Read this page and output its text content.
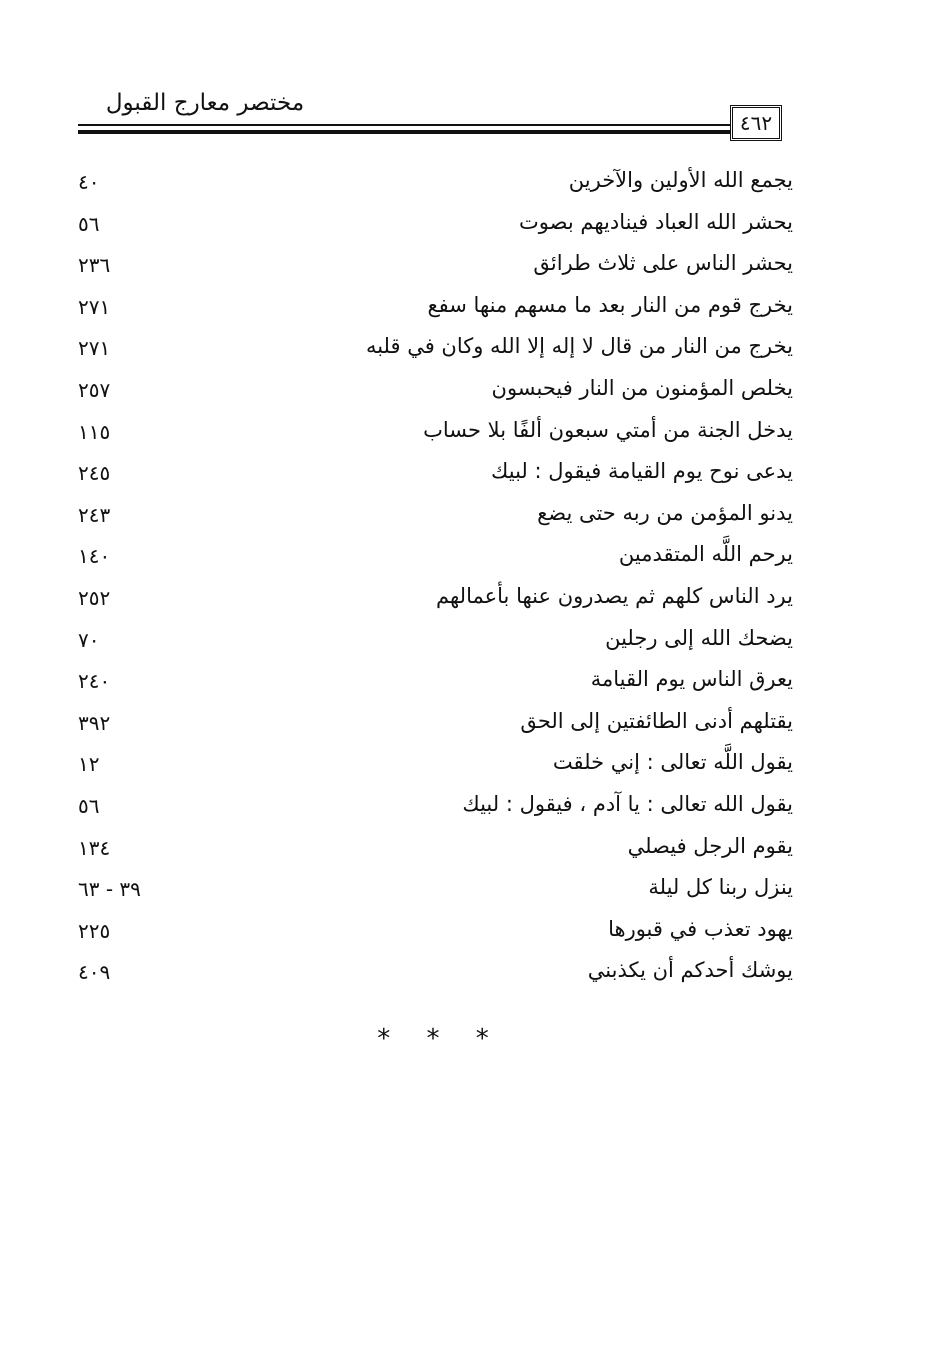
مختصر معارج القبول
٤٦٢
يجمع الله الأولين والآخرين
٤٠
يحشر الله العباد فيناديهم بصوت
٥٦
يحشر الناس على ثلاث طرائق
٢٣٦
يخرج قوم من النار بعد ما مسهم منها سفع
٢٧١
يخرج من النار من قال لا إله إلا الله وكان في قلبه
٢٧١
يخلص المؤمنون من النار فيحبسون
٢٥٧
يدخل الجنة من أمتي سبعون ألفًا بلا حساب
١١٥
يدعى نوح يوم القيامة فيقول : لبيك
٢٤٥
يدنو المؤمن من ربه حتى يضع
٢٤٣
يرحم اللَّه المتقدمين
١٤٠
يرد الناس كلهم ثم يصدرون عنها بأعمالهم
٢٥٢
يضحك الله إلى رجلين
٧٠
يعرق الناس يوم القيامة
٢٤٠
يقتلهم أدنى الطائفتين إلى الحق
٣٩٢
يقول اللَّه تعالى : إني خلقت
١٢
يقول الله تعالى : يا آدم ، فيقول : لبيك
٥٦
يقوم الرجل فيصلي
١٣٤
ينزل ربنا كل ليلة
٣٩ - ٦٣
يهود تعذب في قبورها
٢٢٥
يوشك أحدكم أن يكذبني
٤٠٩
* * *
